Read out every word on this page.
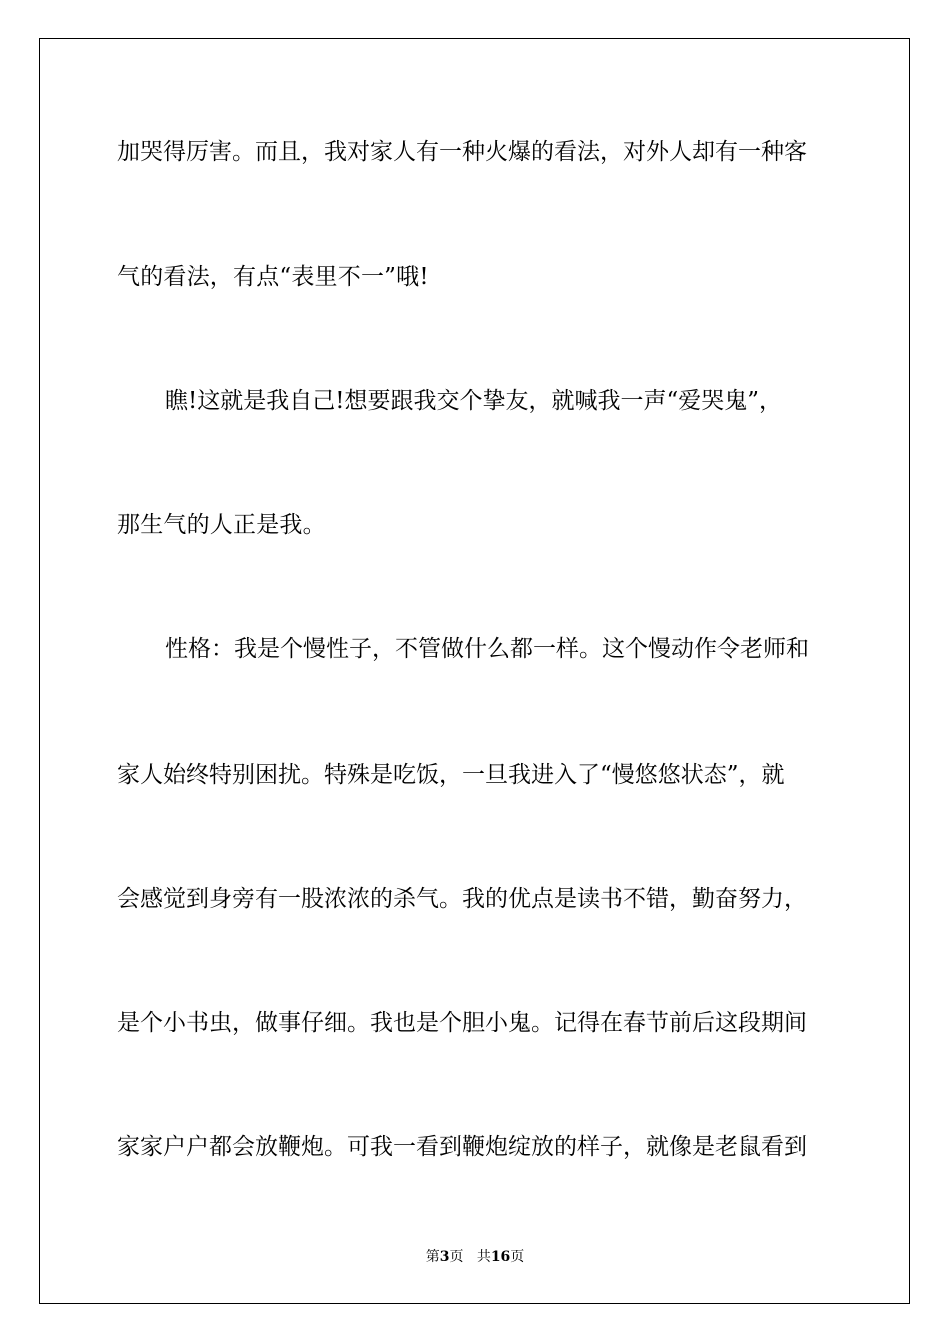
加哭得厉害。而且，我对家人有一种火爆的看法，对外人却有一种客
气的看法，有点“表里不一”哦!
瞧!这就是我自己!想要跟我交个挚友，就喊我一声“爱哭鬼”，
那生气的人正是我。
性格：我是个慢性子，不管做什么都一样。这个慢动作令老师和
家人始终特别困扰。特殊是吃饭，一旦我进入了“慢悠悠状态”，就
会感觉到身旁有一股浓浓的杀气。我的优点是读书不错，勤奋努力，
是个小书虫，做事仔细。我也是个胆小鬼。记得在春节前后这段期间
家家户户都会放鞭炮。可我一看到鞭炮绽放的样子，就像是老鼠看到
第3页 共16页
